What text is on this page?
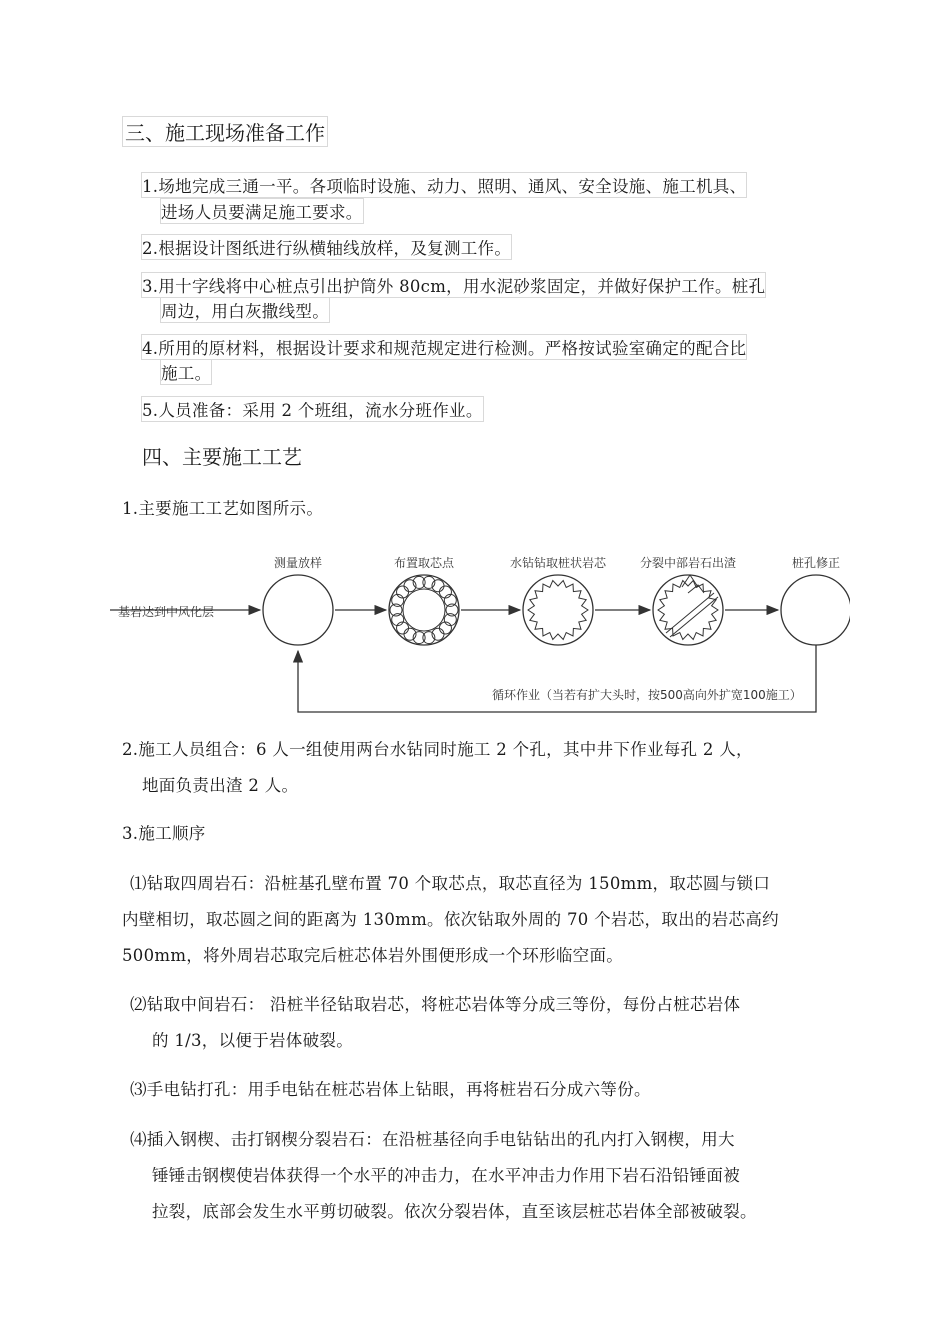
三、施工现场准备工作
1.场地完成三通一平。各项临时设施、动力、照明、通风、安全设施、施工机具、
进场人员要满足施工要求。
2.根据设计图纸进行纵横轴线放样，及复测工作。
3.用十字线将中心桩点引出护筒外 80cm，用水泥砂浆固定，并做好保护工作。桩孔
周边，用白灰撒线型。
4.所用的原材料，根据设计要求和规范规定进行检测。严格按试验室确定的配合比
施工。
5.人员准备：采用 2 个班组，流水分班作业。
四、主要施工工艺
1.主要施工工艺如图所示。
基岩达到中风化层
测量放样	布置取芯点	水钻钻取桩状岩芯	分裂中部岩石出渣	桩孔修正
循环作业（当若有扩大头时，按500高向外扩宽100施工）
2.施工人员组合：6 人一组使用两台水钻同时施工 2 个孔，其中井下作业每孔 2 人，
地面负责出渣 2 人。
3.施工顺序
⑴钻取四周岩石：沿桩基孔壁布置 70 个取芯点，取芯直径为 150mm，取芯圆与锁口
内壁相切，取芯圆之间的距离为 130mm。依次钻取外周的 70 个岩芯，取出的岩芯高约
500mm，将外周岩芯取完后桩芯体岩外围便形成一个环形临空面。
⑵钻取中间岩石： 沿桩半径钻取岩芯，将桩芯岩体等分成三等份，每份占桩芯岩体
的 1/3，以便于岩体破裂。
⑶手电钻打孔：用手电钻在桩芯岩体上钻眼，再将桩岩石分成六等份。
⑷插入钢楔、击打钢楔分裂岩石：在沿桩基径向手电钻钻出的孔内打入钢楔，用大
锤锤击钢楔使岩体获得一个水平的冲击力，在水平冲击力作用下岩石沿铅锤面被
拉裂，底部会发生水平剪切破裂。依次分裂岩体，直至该层桩芯岩体全部被破裂。
